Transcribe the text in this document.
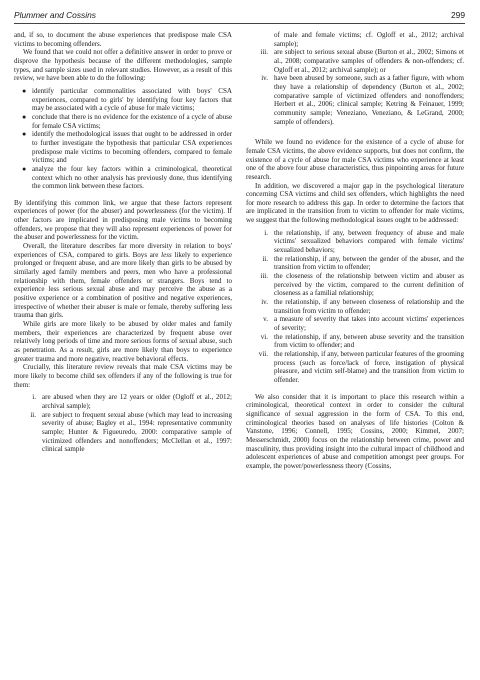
Plummer and Cossins	299

and, if so, to document the abuse experiences that predispose male CSA victims to becoming offenders.

We found that we could not offer a definitive answer in order to prove or disprove the hypothesis because of the different methodologies, sample types, and sample sizes used in relevant studies. However, as a result of this review, we have been able to do the following:

● identify particular commonalities associated with boys' CSA experiences, compared to girls' by identifying four key factors that may be associated with a cycle of abuse for male victims;
● conclude that there is no evidence for the existence of a cycle of abuse for female CSA victims;
● identify the methodological issues that ought to be addressed in order to further investigate the hypothesis that particular CSA experiences predispose male victims to becoming offenders, compared to female victims; and
● analyze the four key factors within a criminological, theoretical context which no other analysis has previously done, thus identifying the common link between these factors.

By identifying this common link, we argue that these factors represent experiences of power (for the abuser) and powerlessness (for the victim). If other factors are implicated in predisposing male victims to becoming offenders, we propose that they will also represent experiences of power for the abuser and powerlessness for the victim.

Overall, the literature describes far more diversity in relation to boys' experiences of CSA, compared to girls. Boys are less likely to experience prolonged or frequent abuse, and are more likely than girls to be abused by similarly aged family members and peers, men who have a professional relationship with them, female offenders or strangers. Boys tend to experience less serious sexual abuse and may perceive the abuse as a positive experience or a combination of positive and negative experiences, irrespective of whether their abuser is male or female, thereby suffering less trauma than girls.

While girls are more likely to be abused by older males and family members, their experiences are characterized by frequent abuse over relatively long periods of time and more serious forms of sexual abuse, such as penetration. As a result, girls are more likely than boys to experience greater trauma and more negative, reactive behavioral effects.

Crucially, this literature review reveals that male CSA victims may be more likely to become child sex offenders if any of the following is true for them:

i. are abused when they are 12 years or older (Ogloff et al., 2012; archival sample);
ii. are subject to frequent sexual abuse (which may lead to increasing severity of abuse; Bagley et al., 1994: representative community sample; Hunter & Figueuredo, 2000: comparative sample of victimized offenders and nonoffenders; McClellan et al., 1997: clinical sample
of male and female victims; cf. Ogloff et al., 2012; archival sample);
iii. are subject to serious sexual abuse (Burton et al., 2002; Simons et al., 2008; comparative samples of offenders & non-offenders; cf. Ogloff et al., 2012; archival sample); or
iv. have been abused by someone, such as a father figure, with whom they have a relationship of dependency (Burton et al., 2002; comparative sample of victimized offenders and nonoffenders; Herbert et al., 2006; clinical sample; Ketring & Feinauer, 1999; community sample; Veneziano, Veneziano, & LeGrand, 2000; sample of offenders).

While we found no evidence for the existence of a cycle of abuse for female CSA victims, the above evidence supports, but does not confirm, the existence of a cycle of abuse for male CSA victims who experience at least one of the above four abuse characteristics, thus pinpointing areas for future research.

In addition, we discovered a major gap in the psychological literature concerning CSA victims and child sex offenders, which highlights the need for more research to address this gap. In order to determine the factors that are implicated in the transition from to victim to offender for male victims, we suggest that the following methodological issues ought to be addressed:

i. the relationship, if any, between frequency of abuse and male victims' sexualized behaviors compared with female victims' sexualized behaviors;
ii. the relationship, if any, between the gender of the abuser, and the transition from victim to offender;
iii. the closeness of the relationship between victim and abuser as perceived by the victim, compared to the current definition of closeness as a familial relationship;
iv. the relationship, if any between closeness of relationship and the transition from victim to offender;
v. a measure of severity that takes into account victims' experiences of severity;
vi. the relationship, if any, between abuse severity and the transition from victim to offender; and
vii. the relationship, if any, between particular features of the grooming process (such as force/lack of force, instigation of physical pleasure, and victim self-blame) and the transition from victim to offender.

We also consider that it is important to place this research within a criminological, theoretical context in order to consider the cultural significance of sexual aggression in the form of CSA. To this end, criminological theories based on analyses of life histories (Colton & Vanstone, 1996; Connell, 1995; Cossins, 2000; Kimmel, 2007; Messerschmidt, 2000) focus on the relationship between crime, power and masculinity, thus providing insight into the cultural impact of childhood and adolescent experiences of abuse and competition amongst peer groups. For example, the power/powerlessness theory (Cossins,
